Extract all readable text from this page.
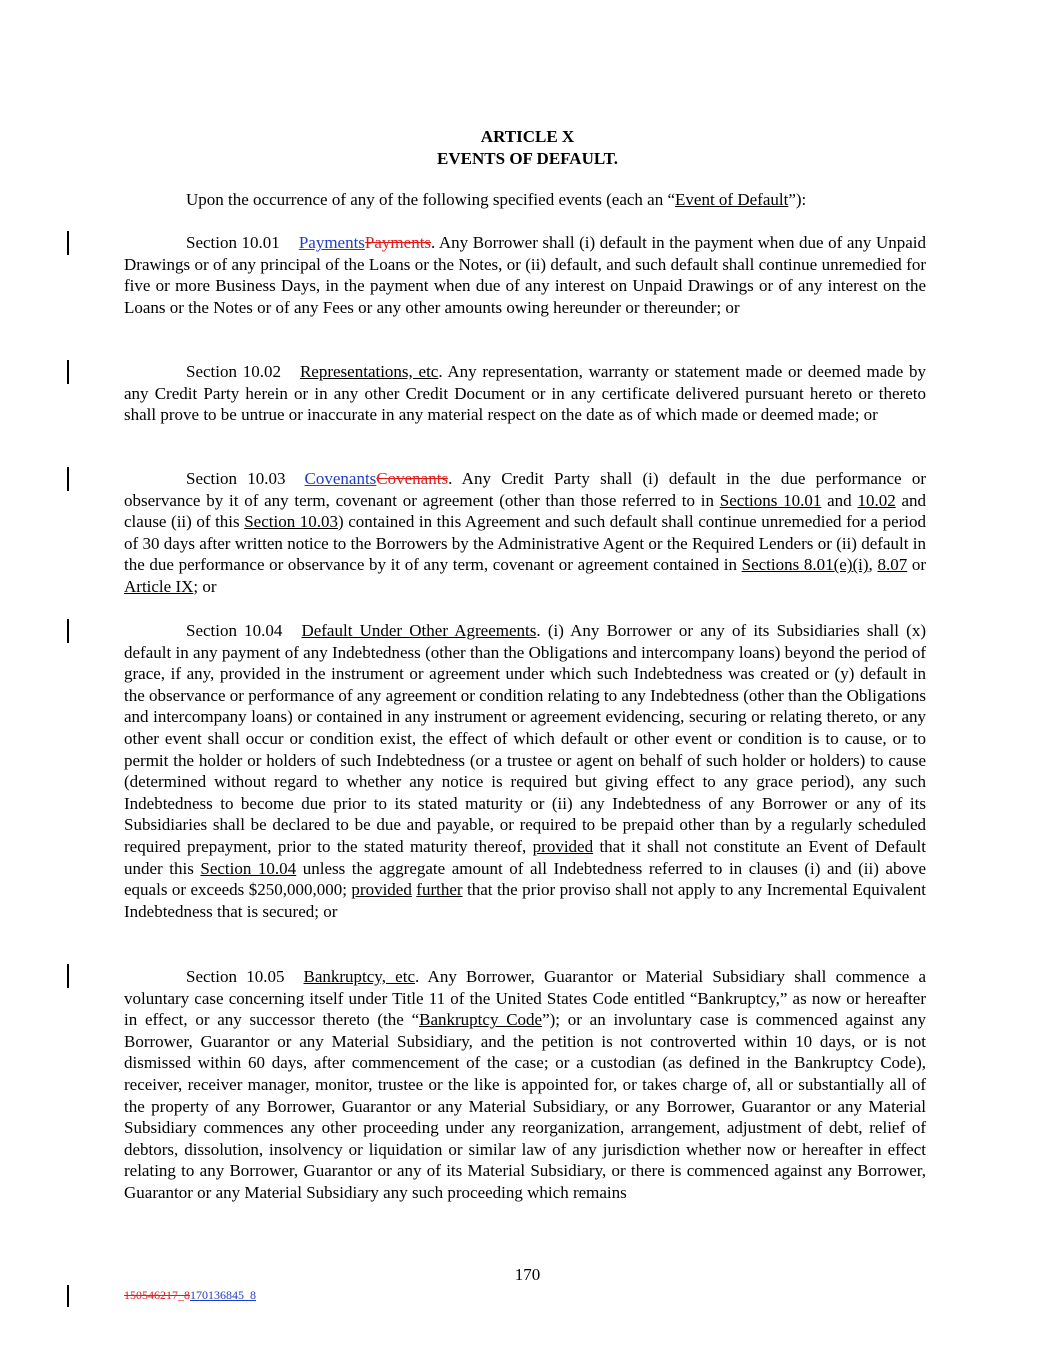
ARTICLE X
EVENTS OF DEFAULT.
Upon the occurrence of any of the following specified events (each an “Event of Default”):
Section 10.01 PaymentsPayments. Any Borrower shall (i) default in the payment when due of any Unpaid Drawings or of any principal of the Loans or the Notes, or (ii) default, and such default shall continue unremedied for five or more Business Days, in the payment when due of any interest on Unpaid Drawings or of any interest on the Loans or the Notes or of any Fees or any other amounts owing hereunder or thereunder; or
Section 10.02 Representations, etc. Any representation, warranty or statement made or deemed made by any Credit Party herein or in any other Credit Document or in any certificate delivered pursuant hereto or thereto shall prove to be untrue or inaccurate in any material respect on the date as of which made or deemed made; or
Section 10.03 CovenantsCovenants. Any Credit Party shall (i) default in the due performance or observance by it of any term, covenant or agreement (other than those referred to in Sections 10.01 and 10.02 and clause (ii) of this Section 10.03) contained in this Agreement and such default shall continue unremedied for a period of 30 days after written notice to the Borrowers by the Administrative Agent or the Required Lenders or (ii) default in the due performance or observance by it of any term, covenant or agreement contained in Sections 8.01(e)(i), 8.07 or Article IX; or
Section 10.04 Default Under Other Agreements. (i) Any Borrower or any of its Subsidiaries shall (x) default in any payment of any Indebtedness (other than the Obligations and intercompany loans) beyond the period of grace, if any, provided in the instrument or agreement under which such Indebtedness was created or (y) default in the observance or performance of any agreement or condition relating to any Indebtedness (other than the Obligations and intercompany loans) or contained in any instrument or agreement evidencing, securing or relating thereto, or any other event shall occur or condition exist, the effect of which default or other event or condition is to cause, or to permit the holder or holders of such Indebtedness (or a trustee or agent on behalf of such holder or holders) to cause (determined without regard to whether any notice is required but giving effect to any grace period), any such Indebtedness to become due prior to its stated maturity or (ii) any Indebtedness of any Borrower or any of its Subsidiaries shall be declared to be due and payable, or required to be prepaid other than by a regularly scheduled required prepayment, prior to the stated maturity thereof, provided that it shall not constitute an Event of Default under this Section 10.04 unless the aggregate amount of all Indebtedness referred to in clauses (i) and (ii) above equals or exceeds $250,000,000; provided further that the prior proviso shall not apply to any Incremental Equivalent Indebtedness that is secured; or
Section 10.05 Bankruptcy, etc. Any Borrower, Guarantor or Material Subsidiary shall commence a voluntary case concerning itself under Title 11 of the United States Code entitled “Bankruptcy,” as now or hereafter in effect, or any successor thereto (the “Bankruptcy Code”); or an involuntary case is commenced against any Borrower, Guarantor or any Material Subsidiary, and the petition is not controverted within 10 days, or is not dismissed within 60 days, after commencement of the case; or a custodian (as defined in the Bankruptcy Code), receiver, receiver manager, monitor, trustee or the like is appointed for, or takes charge of, all or substantially all of the property of any Borrower, Guarantor or any Material Subsidiary, or any Borrower, Guarantor or any Material Subsidiary commences any other proceeding under any reorganization, arrangement, adjustment of debt, relief of debtors, dissolution, insolvency or liquidation or similar law of any jurisdiction whether now or hereafter in effect relating to any Borrower, Guarantor or any of its Material Subsidiary, or there is commenced against any Borrower, Guarantor or any Material Subsidiary any such proceeding which remains
170
150546217_8170136845_8
